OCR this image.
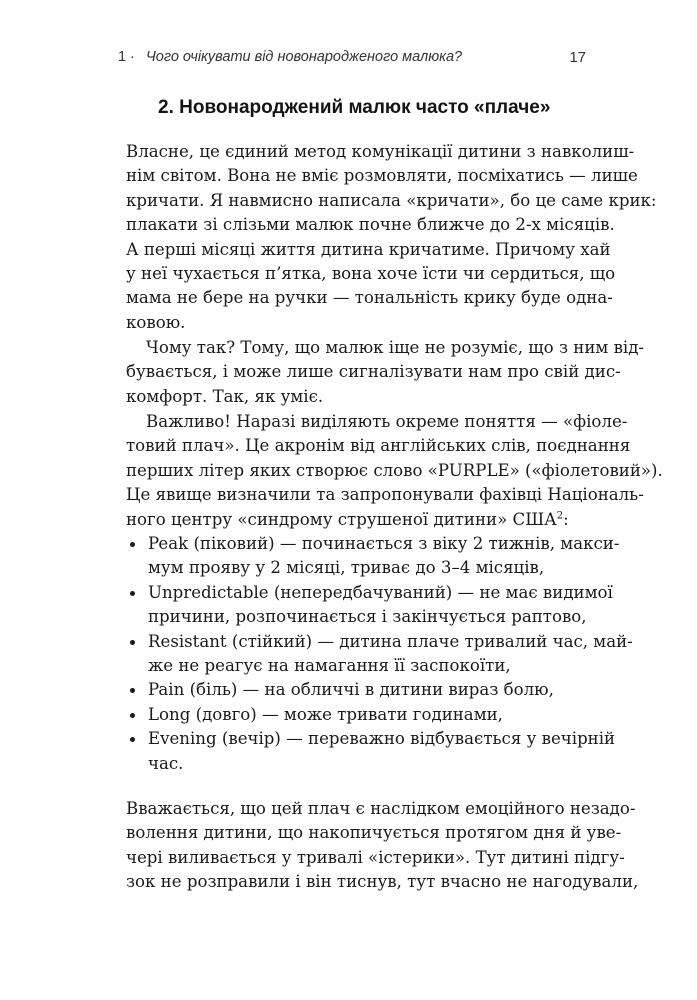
1 · Чого очікувати від новонародженого малюка?	17
2. Новонароджений малюк часто «плаче»
Власне, це єдиний метод комунікації дитини з навколиш-
нім світом. Вона не вміє розмовляти, посміхатись — лише
кричати. Я навмисно написала «кричати», бо це саме крик:
плакати зі слізьми малюк почне ближче до 2-х місяців.
А перші місяці життя дитина кричатиме. Причому хай
у неї чухається п’ятка, вона хоче їсти чи сердиться, що
мама не бере на ручки — тональність крику буде одна-
ковою.
Чому так? Тому, що малюк іще не розуміє, що з ним від-
бувається, і може лише сигналізувати нам про свій дис-
комфорт. Так, як уміє.
Важливо! Наразі виділяють окреме поняття — «фіоле-
товий плач». Це акронім від англійських слів, поєднання
перших літер яких створює слово «PURPLE» («фіолетовий»).
Це явище визначили та запропонували фахівці Національ-
ного центру «синдрому струшеної дитини» США$^2$:
Peak (піковий) — починається з віку 2 тижнів, макси-
мум прояву у 2 місяці, триває до 3–4 місяців,
Unpredictable (непередбачуваний) — не має видимої
причини, розпочинається і закінчується раптово,
Resistant (стійкий) — дитина плаче тривалий час, май-
же не реагує на намагання її заспокоїти,
Pain (біль) — на обличчі в дитини вираз болю,
Long (довго) — може тривати годинами,
Evening (вечір) — переважно відбувається у вечірній
час.
Вважається, що цей плач є наслідком емоційного незадо-
волення дитини, що накопичується протягом дня й уве-
чері виливається у тривалі «істерики». Тут дитині підгу-
зок не розправили і він тиснув, тут вчасно не нагодували,
